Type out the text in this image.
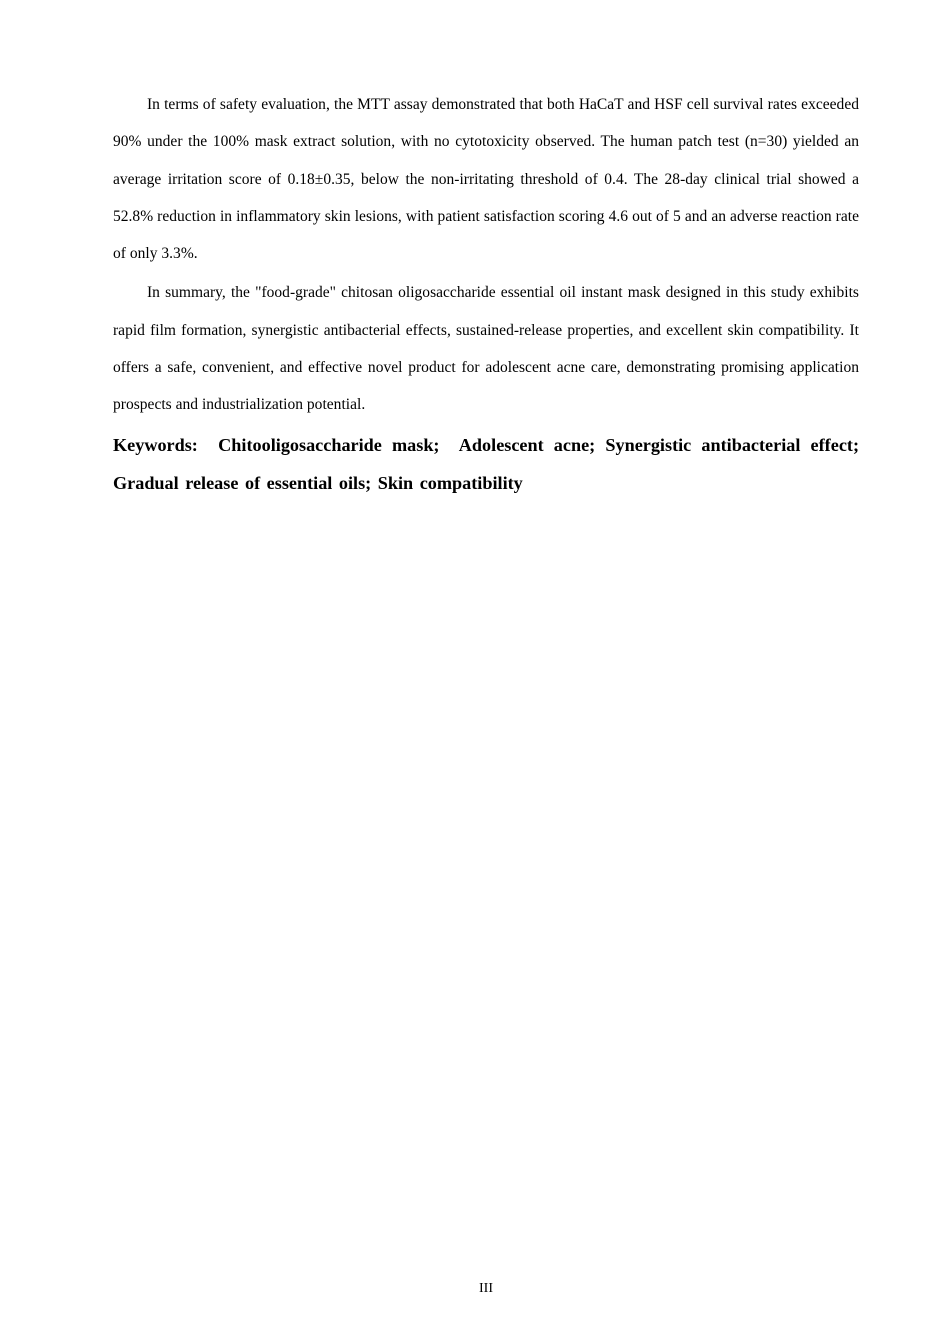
In terms of safety evaluation, the MTT assay demonstrated that both HaCaT and HSF cell survival rates exceeded 90% under the 100% mask extract solution, with no cytotoxicity observed. The human patch test (n=30) yielded an average irritation score of 0.18±0.35, below the non-irritating threshold of 0.4. The 28-day clinical trial showed a 52.8% reduction in inflammatory skin lesions, with patient satisfaction scoring 4.6 out of 5 and an adverse reaction rate of only 3.3%.

In summary, the "food-grade" chitosan oligosaccharide essential oil instant mask designed in this study exhibits rapid film formation, synergistic antibacterial effects, sustained-release properties, and excellent skin compatibility. It offers a safe, convenient, and effective novel product for adolescent acne care, demonstrating promising application prospects and industrialization potential.

Keywords:  Chitooligosaccharide mask;  Adolescent acne; Synergistic antibacterial effect; Gradual release of essential oils; Skin compatibility

III
